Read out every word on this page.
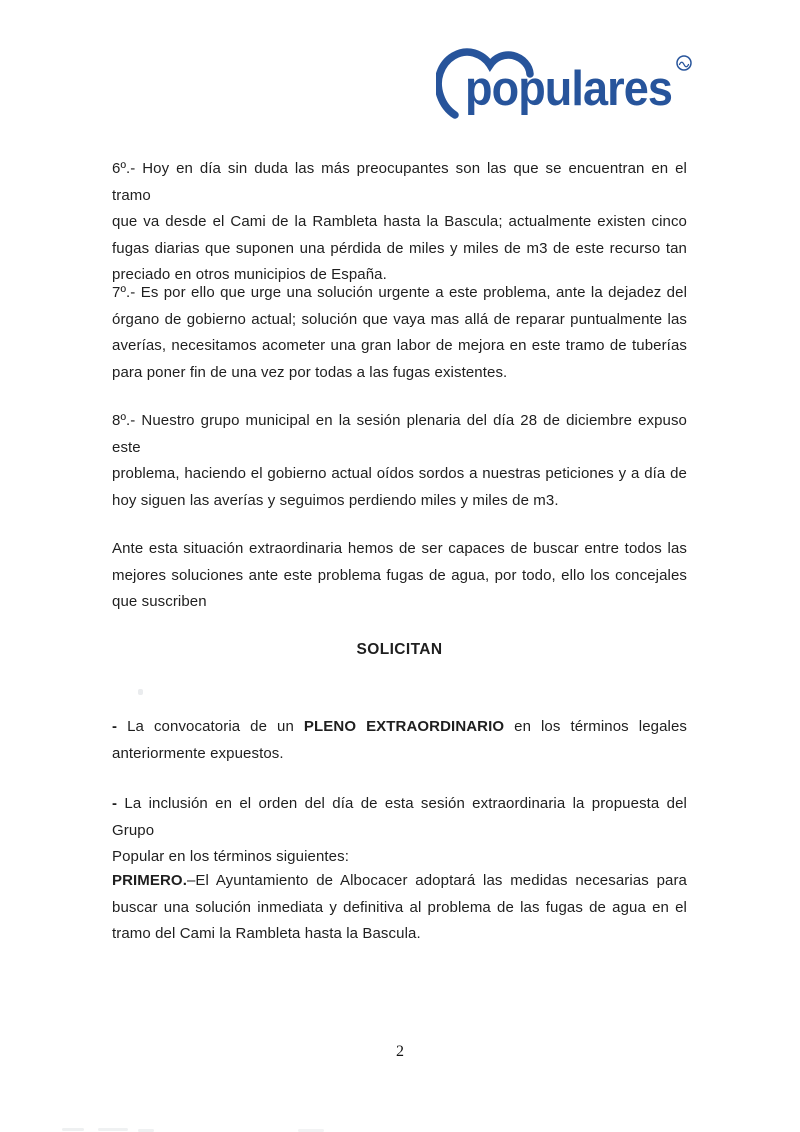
populares
6º.- Hoy en día sin duda las más preocupantes son las que se encuentran en el tramo
que va desde el Cami de la Rambleta hasta la Bascula; actualmente existen cinco
fugas diarias que suponen una pérdida de miles y miles de m3 de este recurso tan
preciado en otros municipios de España.
7º.- Es por ello que urge una solución urgente a este problema, ante la dejadez del
órgano de gobierno actual; solución que vaya mas allá de reparar puntualmente las
averías, necesitamos acometer una gran labor de mejora en este tramo de tuberías
para poner fin de una vez por todas a las fugas existentes.
8º.- Nuestro grupo municipal en la sesión plenaria del día 28 de diciembre expuso este
problema, haciendo el gobierno actual oídos sordos a nuestras peticiones y a día de
hoy siguen las averías y seguimos perdiendo miles y miles de m3.
Ante esta situación extraordinaria hemos de ser capaces de buscar entre todos las
mejores soluciones ante este problema fugas de agua, por todo, ello los concejales
que suscriben
SOLICITAN
- La convocatoria de un PLENO EXTRAORDINARIO en los términos legales
anteriormente expuestos.
- La inclusión en el orden del día de esta sesión extraordinaria la propuesta del Grupo
Popular en los términos siguientes:
PRIMERO.–El Ayuntamiento de Albocacer adoptará las medidas necesarias para
buscar una solución inmediata y definitiva al problema de las fugas de agua en el
tramo del Cami la Rambleta hasta la Bascula.
2
